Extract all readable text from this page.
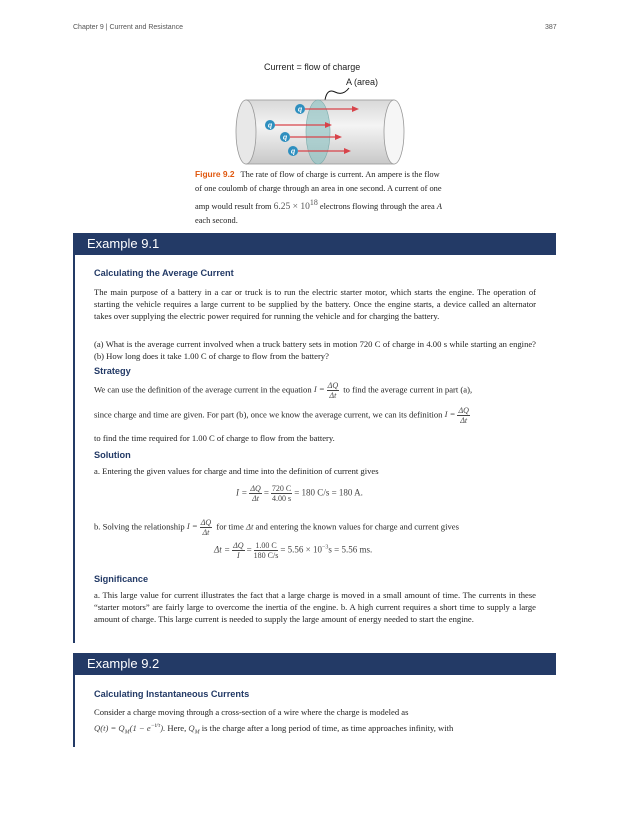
Chapter 9 | Current and Resistance	387
Current = flow of charge
A (area)
q
q
q
q
Figure 9.2 The rate of flow of charge is current. An ampere is the flow of one coulomb of charge through an area in one second. A current of one amp would result from $6.25 \times 10^{18}$ electrons flowing through the area A each second.
Example 9.1
Calculating the Average Current
The main purpose of a battery in a car or truck is to run the electric starter motor, which starts the engine. The operation of starting the vehicle requires a large current to be supplied by the battery. Once the engine starts, a device called an alternator takes over supplying the electric power required for running the vehicle and for charging the battery.
(a) What is the average current involved when a truck battery sets in motion 720 C of charge in 4.00 s while starting an engine? (b) How long does it take 1.00 C of charge to flow from the battery?
Strategy
We can use the definition of the average current in the equation $I = \frac{\Delta Q}{\Delta t}$ to find the average current in part (a),
since charge and time are given. For part (b), once we know the average current, we can its definition $I = \frac{\Delta Q}{\Delta t}$
to find the time required for 1.00 C of charge to flow from the battery.
Solution
a. Entering the given values for charge and time into the definition of current gives
$I = \frac{\Delta Q}{\Delta t} = \frac{720 C}{4.00 s} = 180$ C/s = 180 A.
b. Solving the relationship $I = \frac{\Delta Q}{\Delta t}$ for time Δt and entering the known values for charge and current gives
$\Delta t = \frac{\Delta Q}{I} = \frac{1.00 C}{180 C/s} = 5.56 \times 10^{-3}s = 5.56$ ms.
Significance
a. This large value for current illustrates the fact that a large charge is moved in a small amount of time. The currents in these “starter motors” are fairly large to overcome the inertia of the engine. b. A high current requires a short time to supply a large amount of charge. This large current is needed to supply the large amount of energy needed to start the engine.
Example 9.2
Calculating Instantaneous Currents
Consider a charge moving through a cross-section of a wire where the charge is modeled as
$Q(t) = Q_M(1 - e^{-t/\tau})$. Here, $Q_M$ is the charge after a long period of time, as time approaches infinity, with
